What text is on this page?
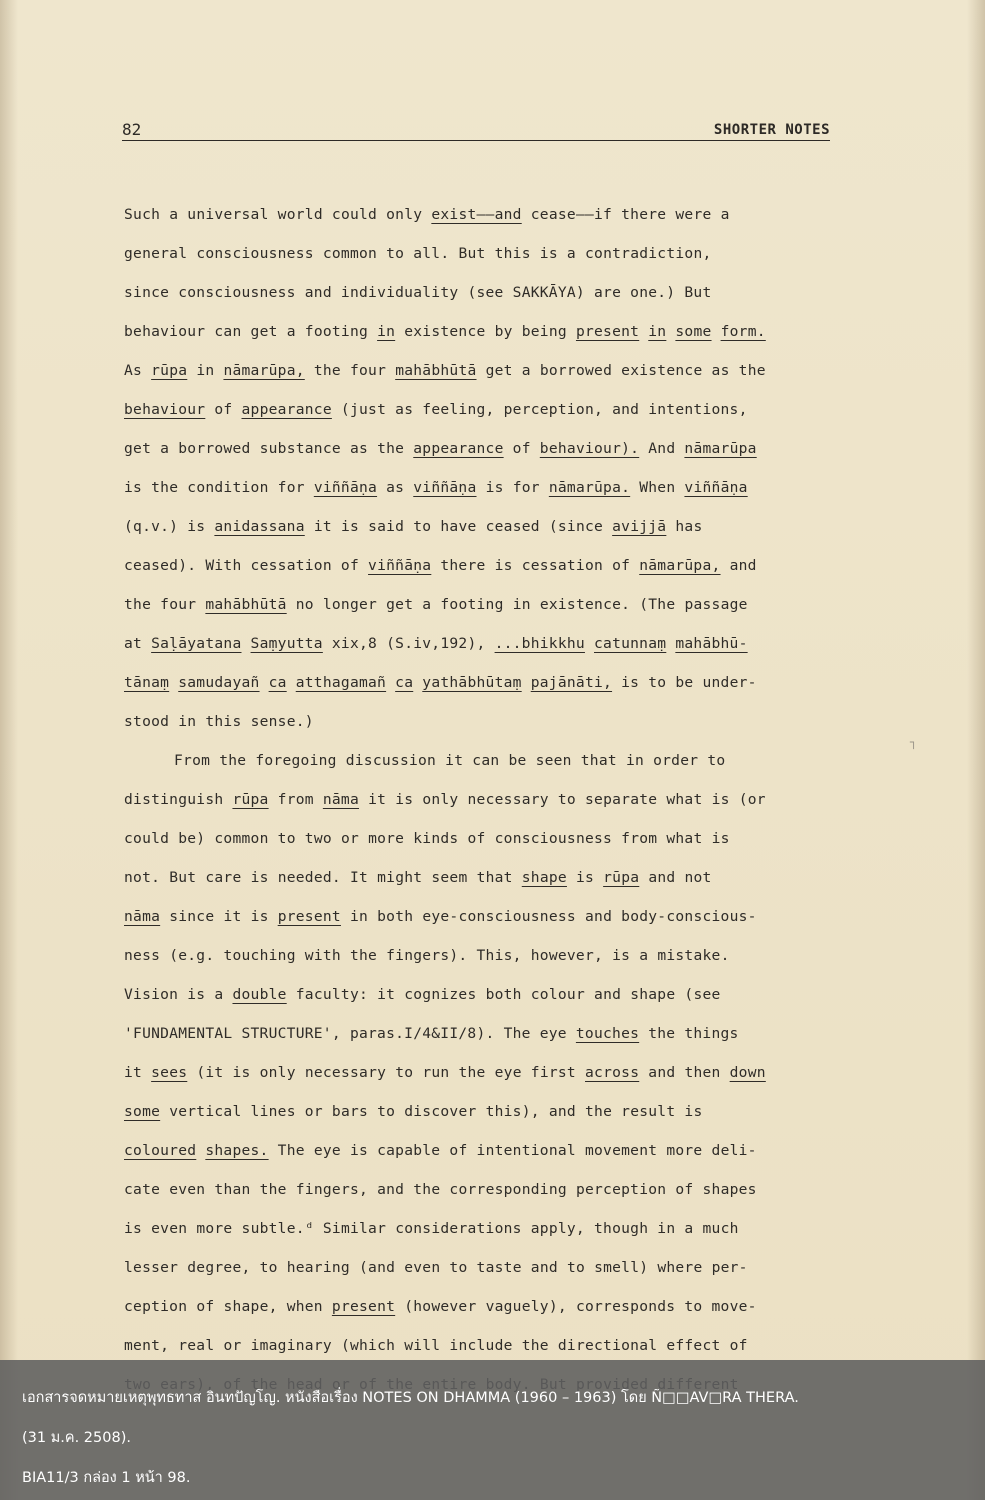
82	SHORTER NOTES
Such a universal world could only exist——and cease——if there were a
general consciousness common to all. But this is a contradiction,
since consciousness and individuality (see SAKKĀYA) are one.) But
behaviour can get a footing in existence by being present in some form.
As rūpa in nāmarūpa, the four mahābhūtā get a borrowed existence as the
behaviour of appearance (just as feeling, perception, and intentions,
get a borrowed substance as the appearance of behaviour). And nāmarūpa
is the condition for viññāṇa as viññāṇa is for nāmarūpa. When viññāṇa
(q.v.) is anidassana it is said to have ceased (since avijjā has
ceased). With cessation of viññāṇa there is cessation of nāmarūpa, and
the four mahābhūtā no longer get a footing in existence. (The passage
at Saḷāyatana Saṃyutta xix,8 (S.iv,192), ...bhikkhu catunnaṃ mahābhū-
tānaṃ samudayañ ca atthagamañ ca yathābhūtaṃ pajānāti, is to be under-
stood in this sense.)
From the foregoing discussion it can be seen that in order to
distinguish rūpa from nāma it is only necessary to separate what is (or
could be) common to two or more kinds of consciousness from what is
not. But care is needed. It might seem that shape is rūpa and not
nāma since it is present in both eye-consciousness and body-conscious-
ness (e.g. touching with the fingers). This, however, is a mistake.
Vision is a double faculty: it cognizes both colour and shape (see
'FUNDAMENTAL STRUCTURE', paras.I/4&II/8). The eye touches the things
it sees (it is only necessary to run the eye first across and then down
some vertical lines or bars to discover this), and the result is
coloured shapes. The eye is capable of intentional movement more deli-
cate even than the fingers, and the corresponding perception of shapes
is even more subtle.ᵈ Similar considerations apply, though in a much
lesser degree, to hearing (and even to taste and to smell) where per-
ception of shape, when present (however vaguely), corresponds to move-
ment, real or imaginary (which will include the directional effect of
┐
เอกสารจดหมายเหตุพุทธทาส อินทปัญโญ. หนังสือเรื่อง NOTES ON DHAMMA (1960 – 1963) โดย Ñ□□AV□RA THERA.
(31 ม.ค. 2508).
BIA11/3 กล่อง 1 หน้า 98.
